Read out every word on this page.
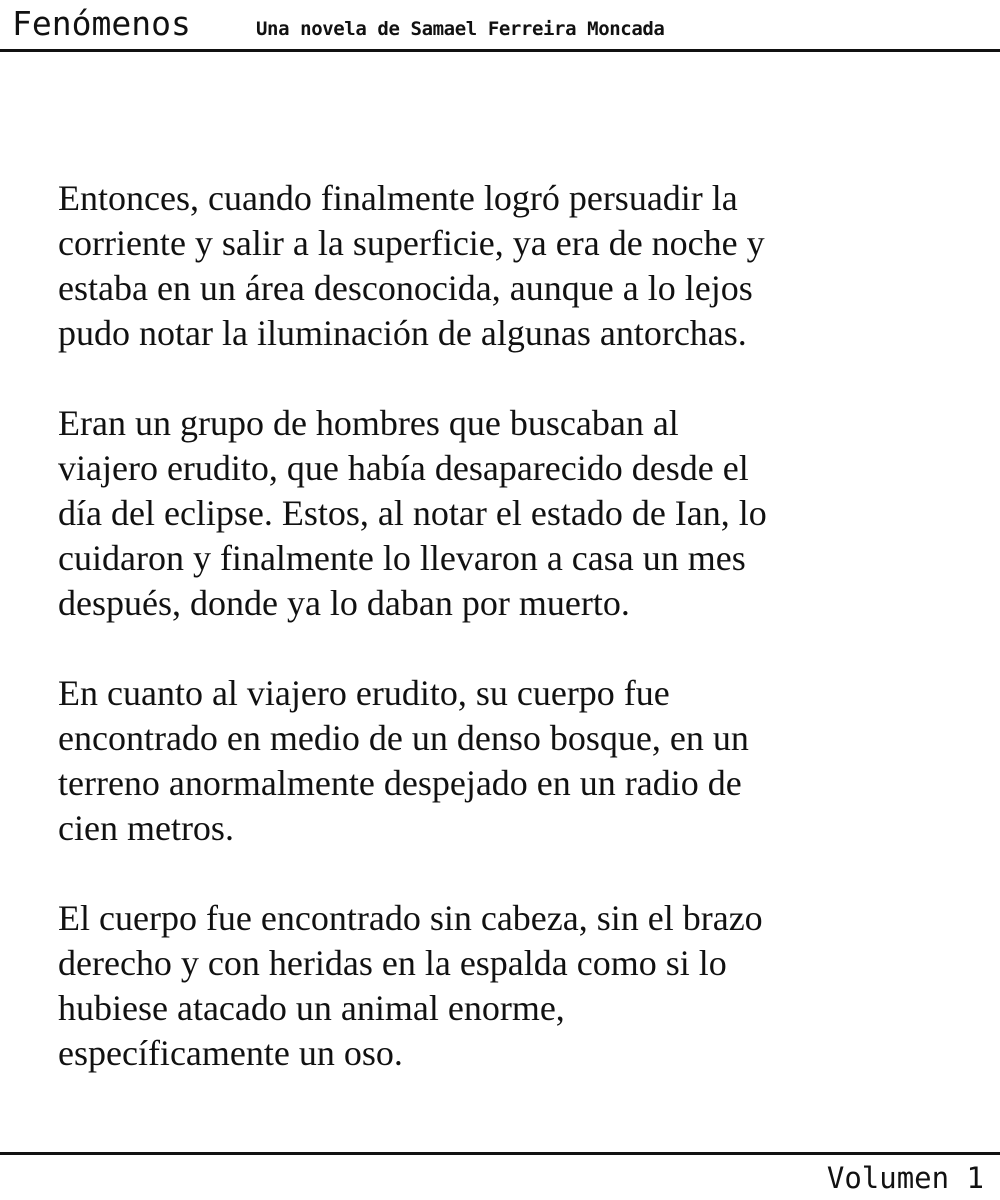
Fenómenos	Una novela de Samael Ferreira Moncada

Entonces, cuando finalmente logró persuadir la
corriente y salir a la superficie, ya era de noche y
estaba en un área desconocida, aunque a lo lejos
pudo notar la iluminación de algunas antorchas.

Eran un grupo de hombres que buscaban al
viajero erudito, que había desaparecido desde el
día del eclipse. Estos, al notar el estado de Ian, lo
cuidaron y finalmente lo llevaron a casa un mes
después, donde ya lo daban por muerto.

En cuanto al viajero erudito, su cuerpo fue
encontrado en medio de un denso bosque, en un
terreno anormalmente despejado en un radio de
cien metros.

El cuerpo fue encontrado sin cabeza, sin el brazo
derecho y con heridas en la espalda como si lo
hubiese atacado un animal enorme,
específicamente un oso.

Volumen 1
